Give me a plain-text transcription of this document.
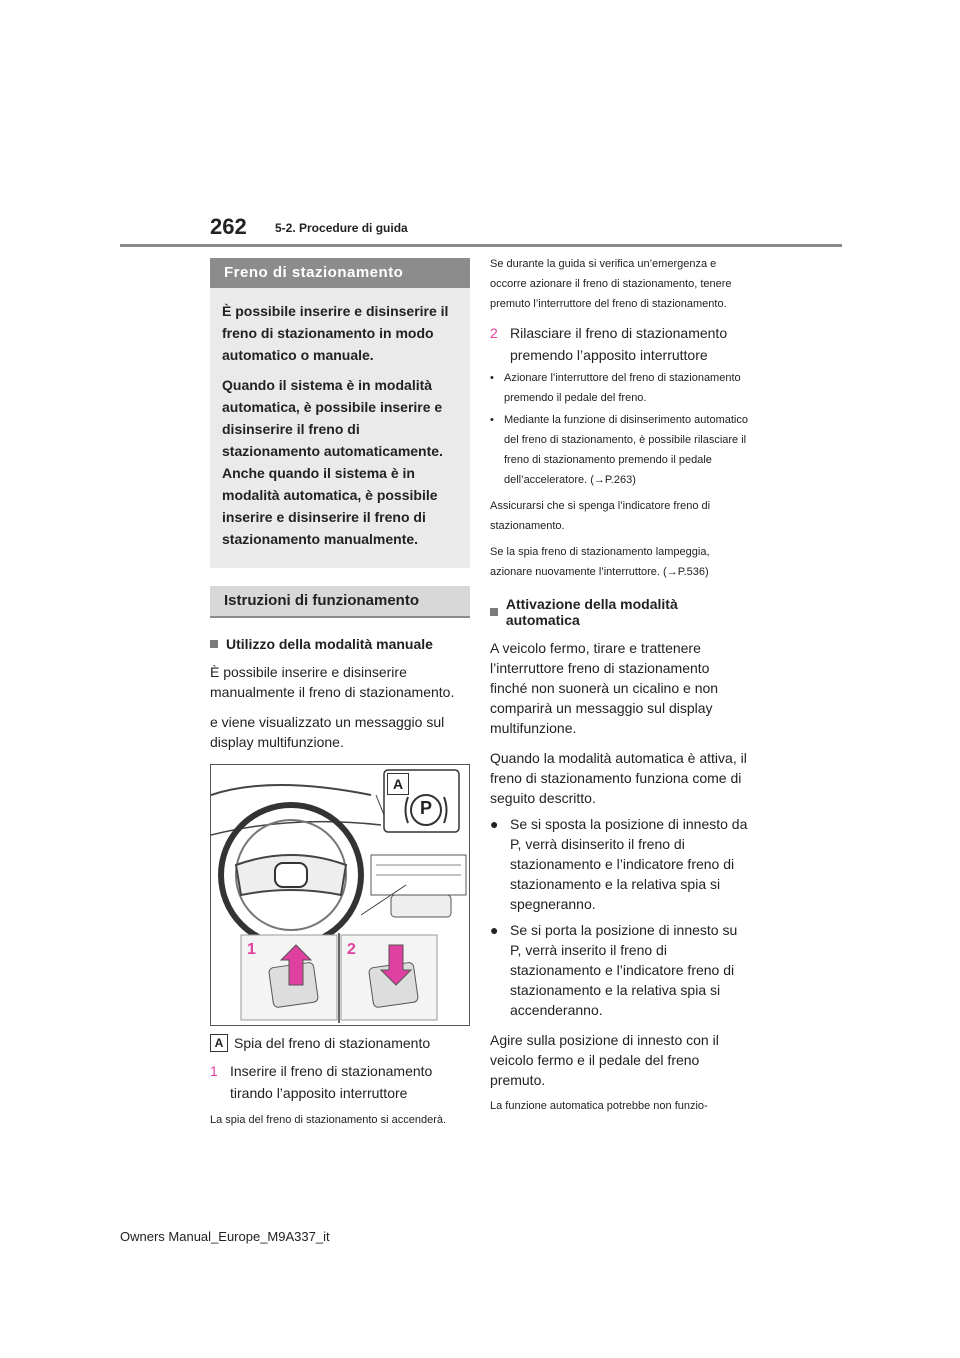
262 5-2. Procedure di guida
Freno di stazionamento

È possibile inserire e disinserire il freno di stazionamento in modo automatico o manuale.

Quando il sistema è in modalità automatica, è possibile inserire e disinserire il freno di stazionamento automaticamente. Anche quando il sistema è in modalità automatica, è possibile inserire e disinserire il freno di stazionamento manualmente.

Istruzioni di funzionamento
Utilizzo della modalità manuale
È possibile inserire e disinserire manualmente il freno di stazionamento.
e viene visualizzato un messaggio sul display multifunzione.
A
P
1	2
A Spia del freno di stazionamento
1 Inserire il freno di stazionamento tirando l’apposito interruttore
La spia del freno di stazionamento si accenderà.
Se durante la guida si verifica un’emergenza e occorre azionare il freno di stazionamento, tenere premuto l’interruttore del freno di stazionamento.
2 Rilasciare il freno di stazionamento premendo l’apposito interruttore
• Azionare l’interruttore del freno di stazionamento premendo il pedale del freno.
• Mediante la funzione di disinserimento automatico del freno di stazionamento, è possibile rilasciare il freno di stazionamento premendo il pedale dell’acceleratore. (→P.263)
Assicurarsi che si spenga l’indicatore freno di stazionamento.
Se la spia freno di stazionamento lampeggia, azionare nuovamente l’interruttore. (→P.536)
Attivazione della modalità automatica
A veicolo fermo, tirare e trattenere l’interruttore freno di stazionamento finché non suonerà un cicalino e non comparirà un messaggio sul display multifunzione.
Quando la modalità automatica è attiva, il freno di stazionamento funziona come di seguito descritto.
● Se si sposta la posizione di innesto da P, verrà disinserito il freno di stazionamento e l’indicatore freno di stazionamento e la relativa spia si spegneranno.
● Se si porta la posizione di innesto su P, verrà inserito il freno di stazionamento e l’indicatore freno di stazionamento e la relativa spia si accenderanno.
Agire sulla posizione di innesto con il veicolo fermo e il pedale del freno premuto.
La funzione automatica potrebbe non funzio-
Owners Manual_Europe_M9A337_it
